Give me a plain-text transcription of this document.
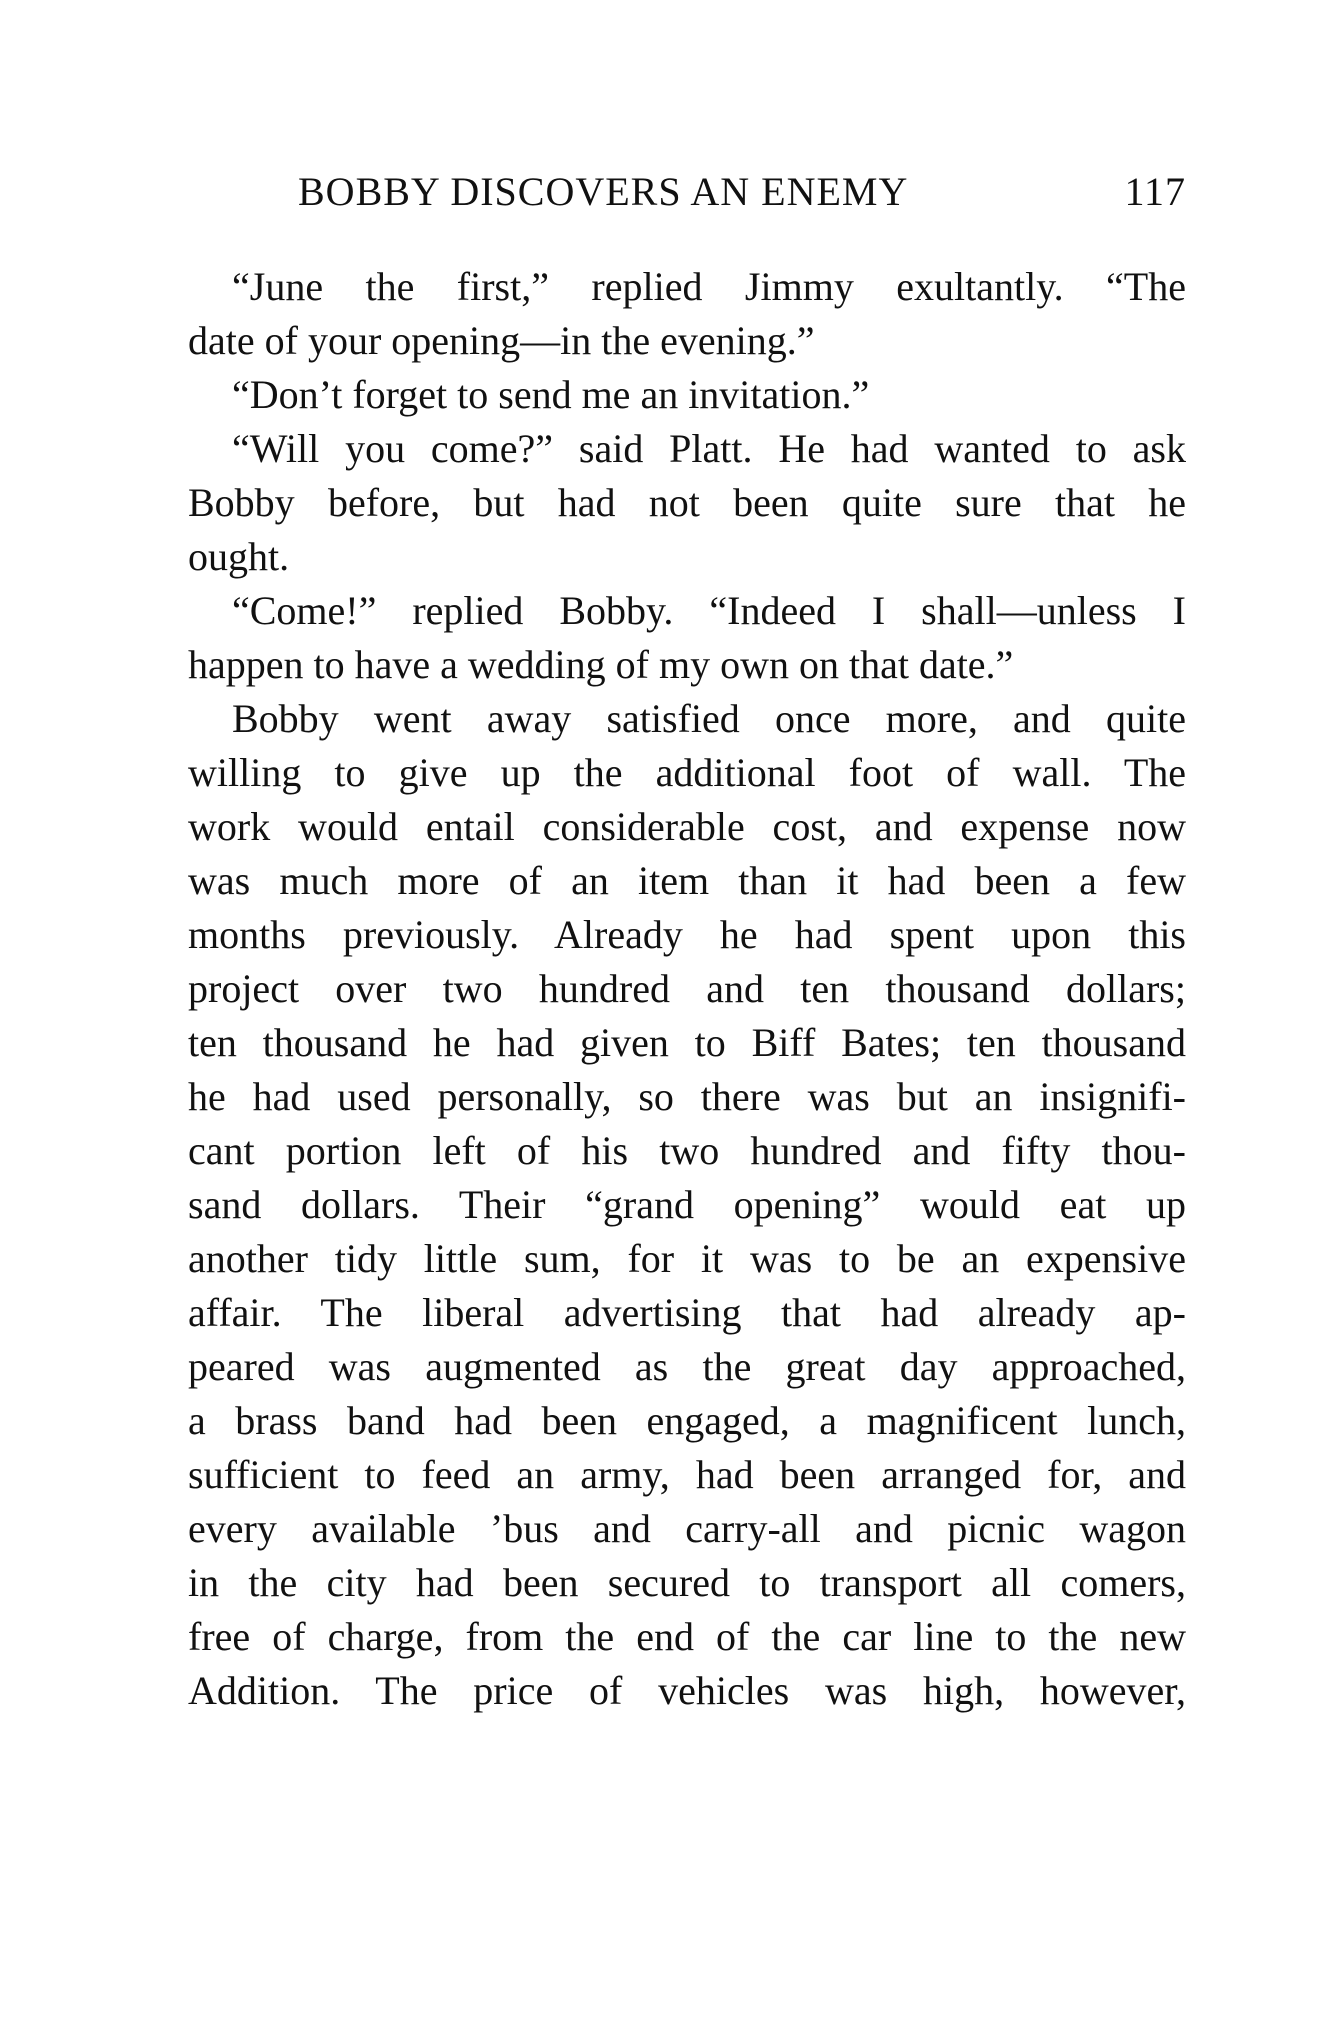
BOBBY DISCOVERS AN ENEMY	117
“June the first,” replied Jimmy exultantly. “The
date of your opening—in the evening.”
“Don’t forget to send me an invitation.”
“Will you come?” said Platt. He had wanted to ask
Bobby before, but had not been quite sure that he
ought.
“Come!” replied Bobby. “Indeed I shall—unless I
happen to have a wedding of my own on that date.”
Bobby went away satisfied once more, and quite
willing to give up the additional foot of wall. The
work would entail considerable cost, and expense now
was much more of an item than it had been a few
months previously. Already he had spent upon this
project over two hundred and ten thousand dollars;
ten thousand he had given to Biff Bates; ten thousand
he had used personally, so there was but an insignifi-
cant portion left of his two hundred and fifty thou-
sand dollars. Their “grand opening” would eat up
another tidy little sum, for it was to be an expensive
affair. The liberal advertising that had already ap-
peared was augmented as the great day approached,
a brass band had been engaged, a magnificent lunch,
sufficient to feed an army, had been arranged for, and
every available ’bus and carry-all and picnic wagon
in the city had been secured to transport all comers,
free of charge, from the end of the car line to the new
Addition. The price of vehicles was high, however,
